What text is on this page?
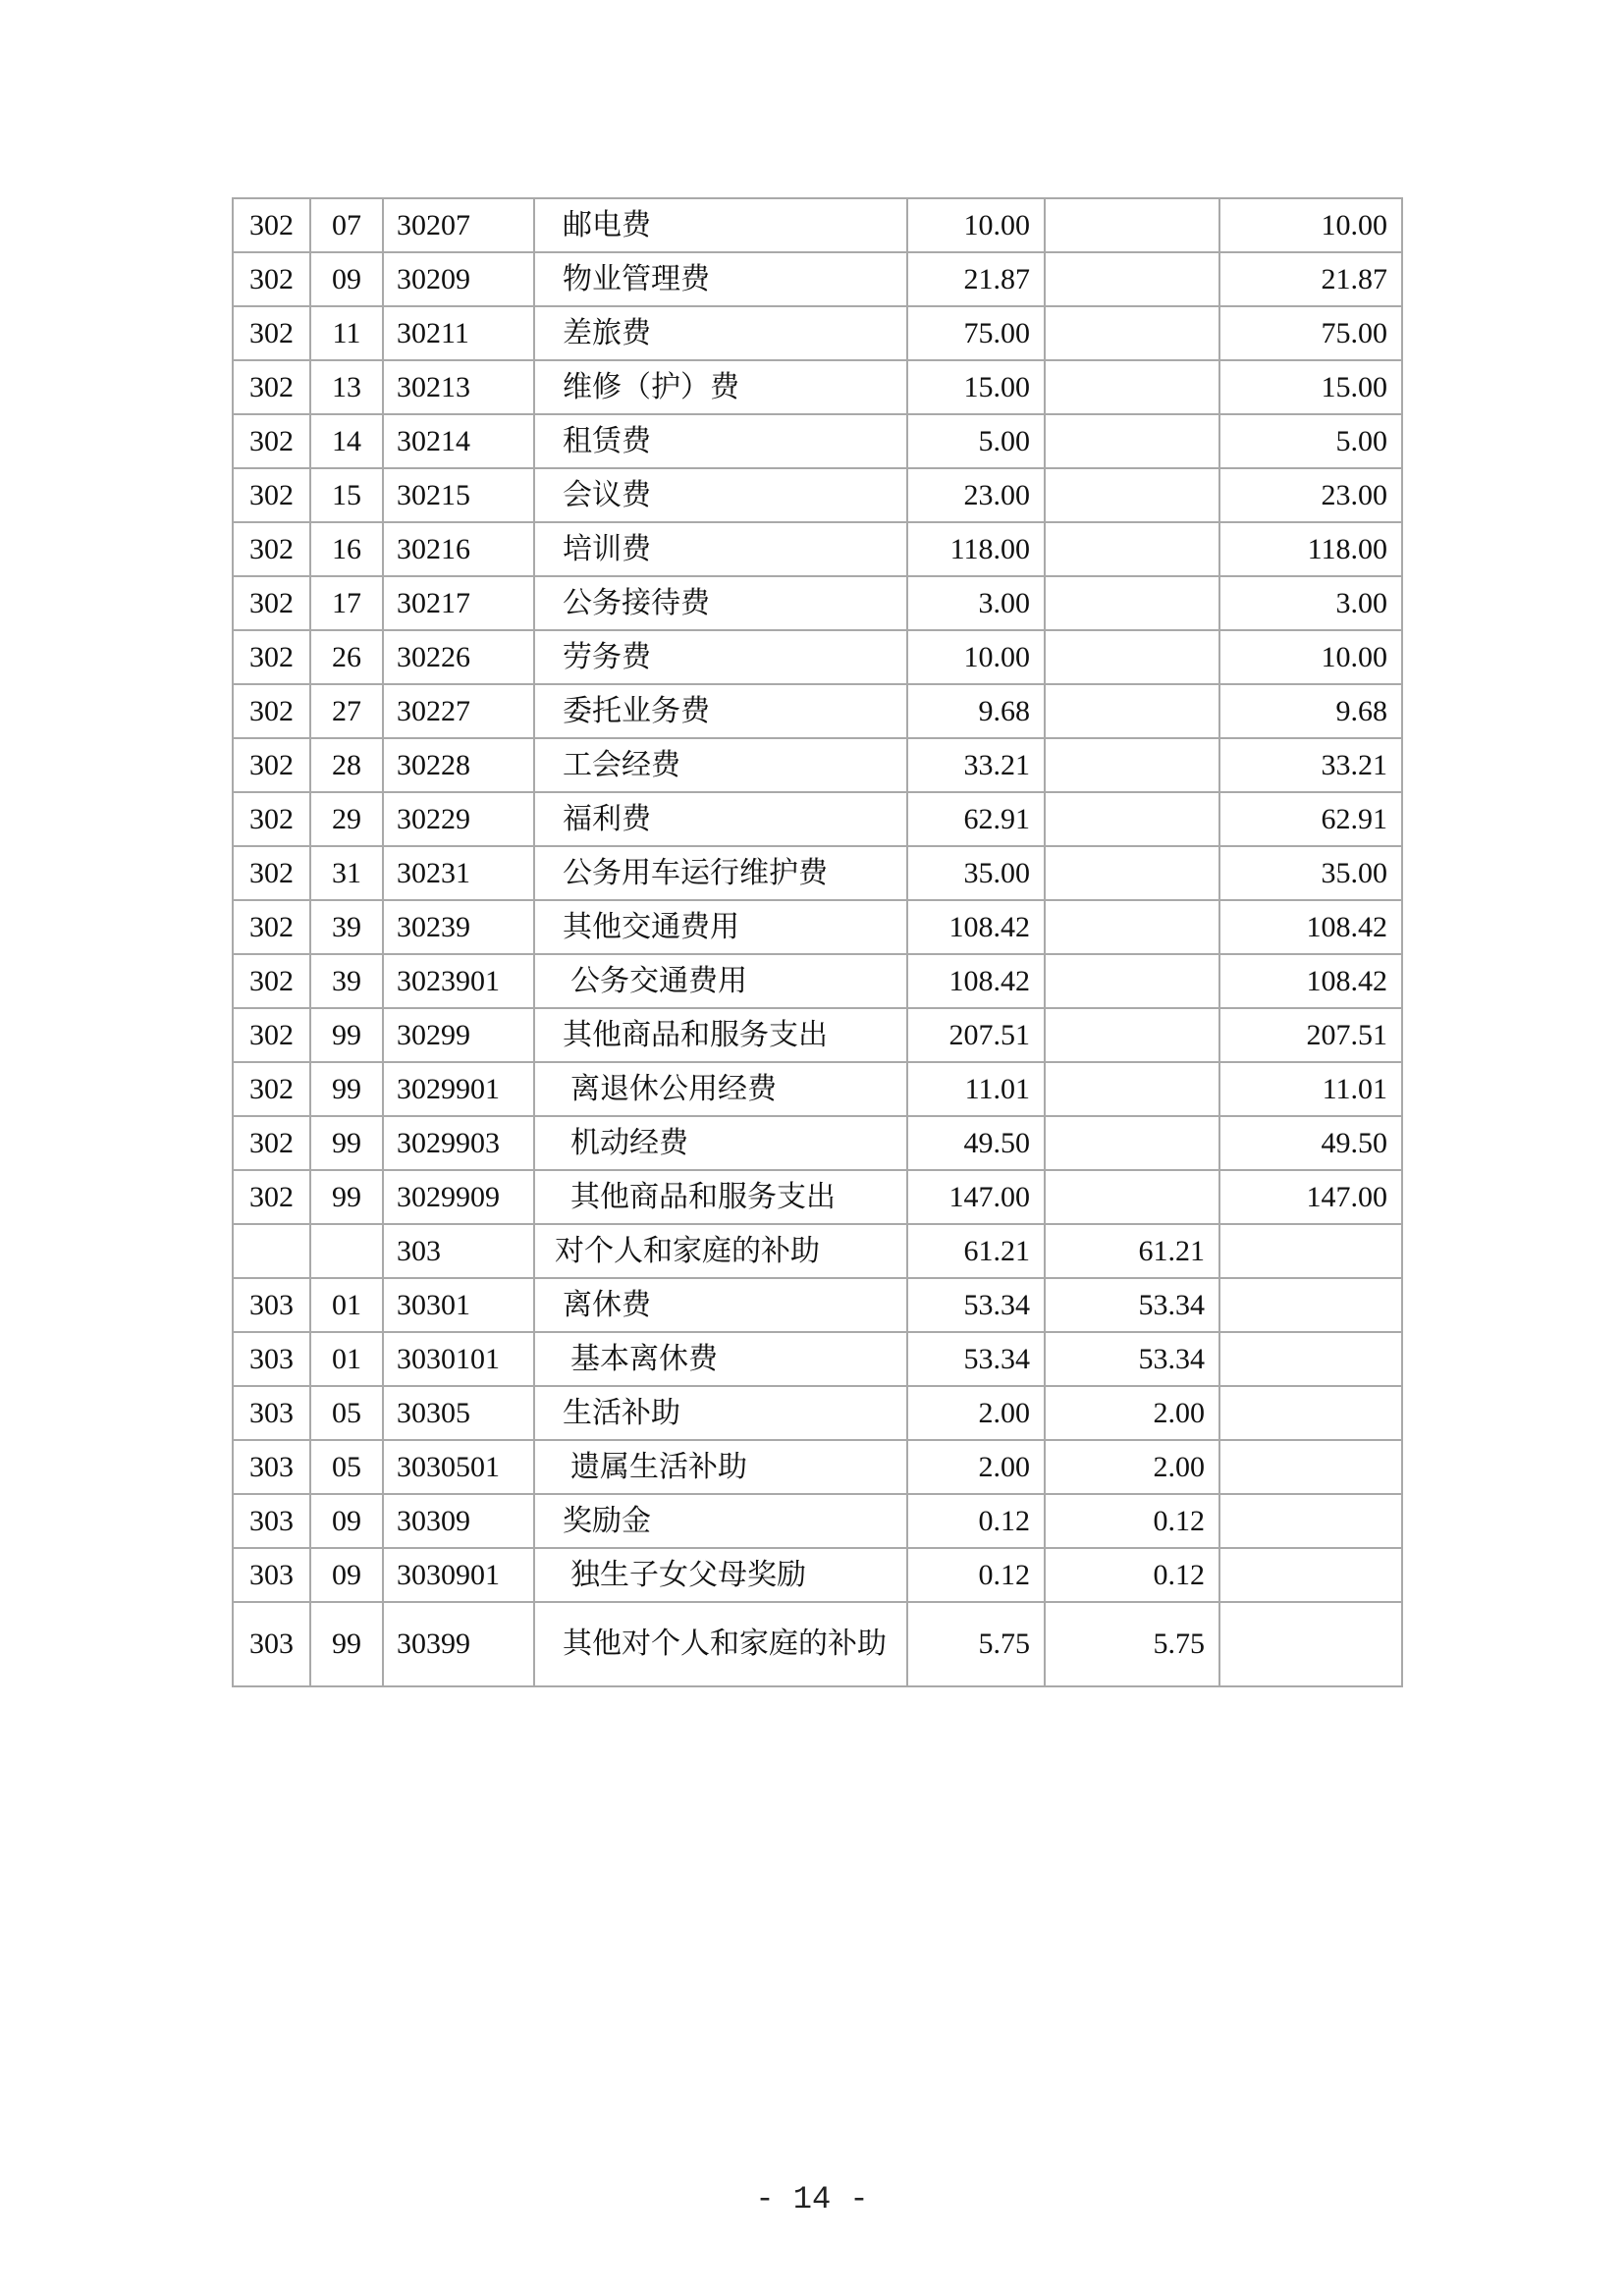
302	07	30207	邮电费	10.00		10.00
302	09	30209	物业管理费	21.87		21.87
302	11	30211	差旅费	75.00		75.00
302	13	30213	维修（护）费	15.00		15.00
302	14	30214	租赁费	5.00		5.00
302	15	30215	会议费	23.00		23.00
302	16	30216	培训费	118.00		118.00
302	17	30217	公务接待费	3.00		3.00
302	26	30226	劳务费	10.00		10.00
302	27	30227	委托业务费	9.68		9.68
302	28	30228	工会经费	33.21		33.21
302	29	30229	福利费	62.91		62.91
302	31	30231	公务用车运行维护费	35.00		35.00
302	39	30239	其他交通费用	108.42		108.42
302	39	3023901	公务交通费用	108.42		108.42
302	99	30299	其他商品和服务支出	207.51		207.51
302	99	3029901	离退休公用经费	11.01		11.01
302	99	3029903	机动经费	49.50		49.50
302	99	3029909	其他商品和服务支出	147.00		147.00
		303	对个人和家庭的补助	61.21	61.21	
303	01	30301	离休费	53.34	53.34	
303	01	3030101	基本离休费	53.34	53.34	
303	05	30305	生活补助	2.00	2.00	
303	05	3030501	遗属生活补助	2.00	2.00	
303	09	30309	奖励金	0.12	0.12	
303	09	3030901	独生子女父母奖励	0.12	0.12	
303	99	30399	其他对个人和家庭的补助	5.75	5.75	
- 14 -
